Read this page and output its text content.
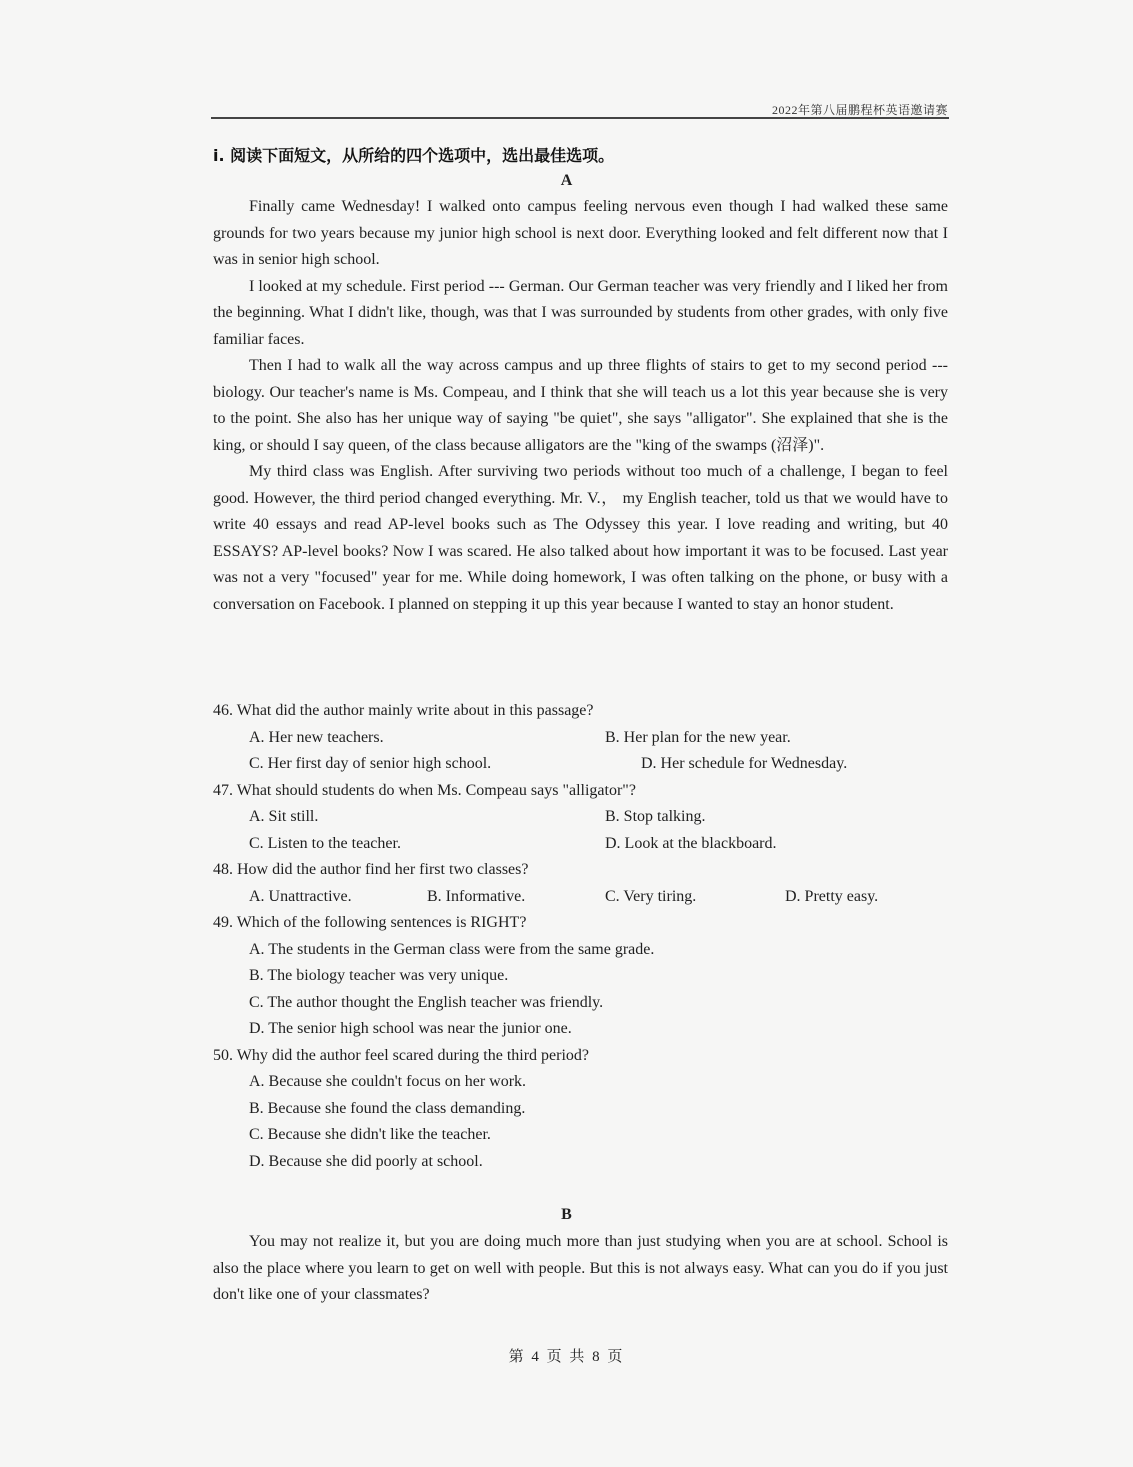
2022年第八届鹏程杯英语邀请赛
i. 阅读下面短文，从所给的四个选项中，选出最佳选项。
A

Finally came Wednesday! I walked onto campus feeling nervous even though I had walked these same grounds for two years because my junior high school is next door. Everything looked and felt different now that I was in senior high school.

I looked at my schedule. First period --- German. Our German teacher was very friendly and I liked her from the beginning. What I didn't like, though, was that I was surrounded by students from other grades, with only five familiar faces.

Then I had to walk all the way across campus and up three flights of stairs to get to my second period --- biology. Our teacher's name is Ms. Compeau, and I think that she will teach us a lot this year because she is very to the point. She also has her unique way of saying "be quiet", she says "alligator". She explained that she is the king, or should I say queen, of the class because alligators are the "king of the swamps (沼泽)".

My third class was English. After surviving two periods without too much of a challenge, I began to feel good. However, the third period changed everything. Mr. V.， my English teacher, told us that we would have to write 40 essays and read AP-level books such as The Odyssey this year. I love reading and writing, but 40 ESSAYS? AP-level books? Now I was scared. He also talked about how important it was to be focused. Last year was not a very "focused" year for me. While doing homework, I was often talking on the phone, or busy with a conversation on Facebook. I planned on stepping it up this year because I wanted to stay an honor student.

46. What did the author mainly write about in this passage?
A. Her new teachers.	B. Her plan for the new year.
C. Her first day of senior high school.	D. Her schedule for Wednesday.
47. What should students do when Ms. Compeau says "alligator"?
A. Sit still.	B. Stop talking.
C. Listen to the teacher.	D. Look at the blackboard.
48. How did the author find her first two classes?
A. Unattractive.	B. Informative.	C. Very tiring.	D. Pretty easy.
49. Which of the following sentences is RIGHT?
A. The students in the German class were from the same grade.
B. The biology teacher was very unique.
C. The author thought the English teacher was friendly.
D. The senior high school was near the junior one.
50. Why did the author feel scared during the third period?
A. Because she couldn't focus on her work.
B. Because she found the class demanding.
C. Because she didn't like the teacher.
D. Because she did poorly at school.
B

You may not realize it, but you are doing much more than just studying when you are at school. School is also the place where you learn to get on well with people. But this is not always easy. What can you do if you just don't like one of your classmates?

第 4 页 共 8 页
